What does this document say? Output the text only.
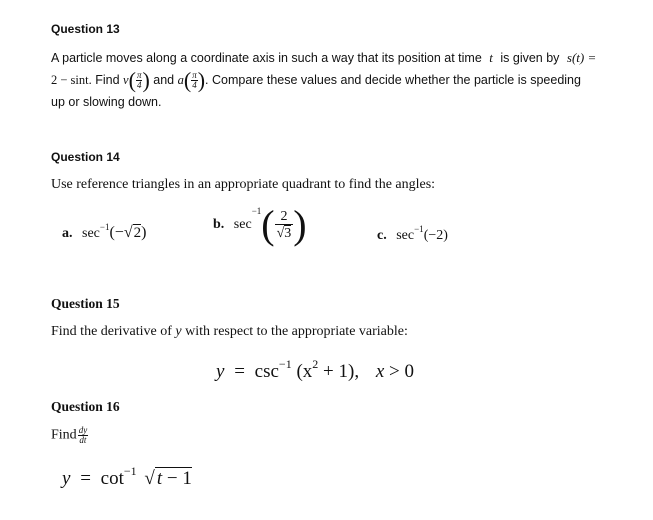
Question 13
A particle moves along a coordinate axis in such a way that its position at time t is given by s(t) =
2 − sint. Find $v( \frac{\pi}{4}$ ) and $a( \frac{\pi}{4}$ ). Compare these values and decide whether the particle is speeding
up or slowing down.
Question 14
Use reference triangles in an appropriate quadrant to find the angles:
a. $\sec^{-1}(-√2)$	b. $\sec^{-1}( \frac{2}{√3}$ )	c. $\sec^{-1}(-2)$
Question 15
Find the derivative of y with respect to the appropriate variable:
$y = \csc^{-1} (x^2 + 1)$, x > 0
Question 16
Find $\frac{dy}{dt}$
$y = \cot^{-1}$ √ t − 1
